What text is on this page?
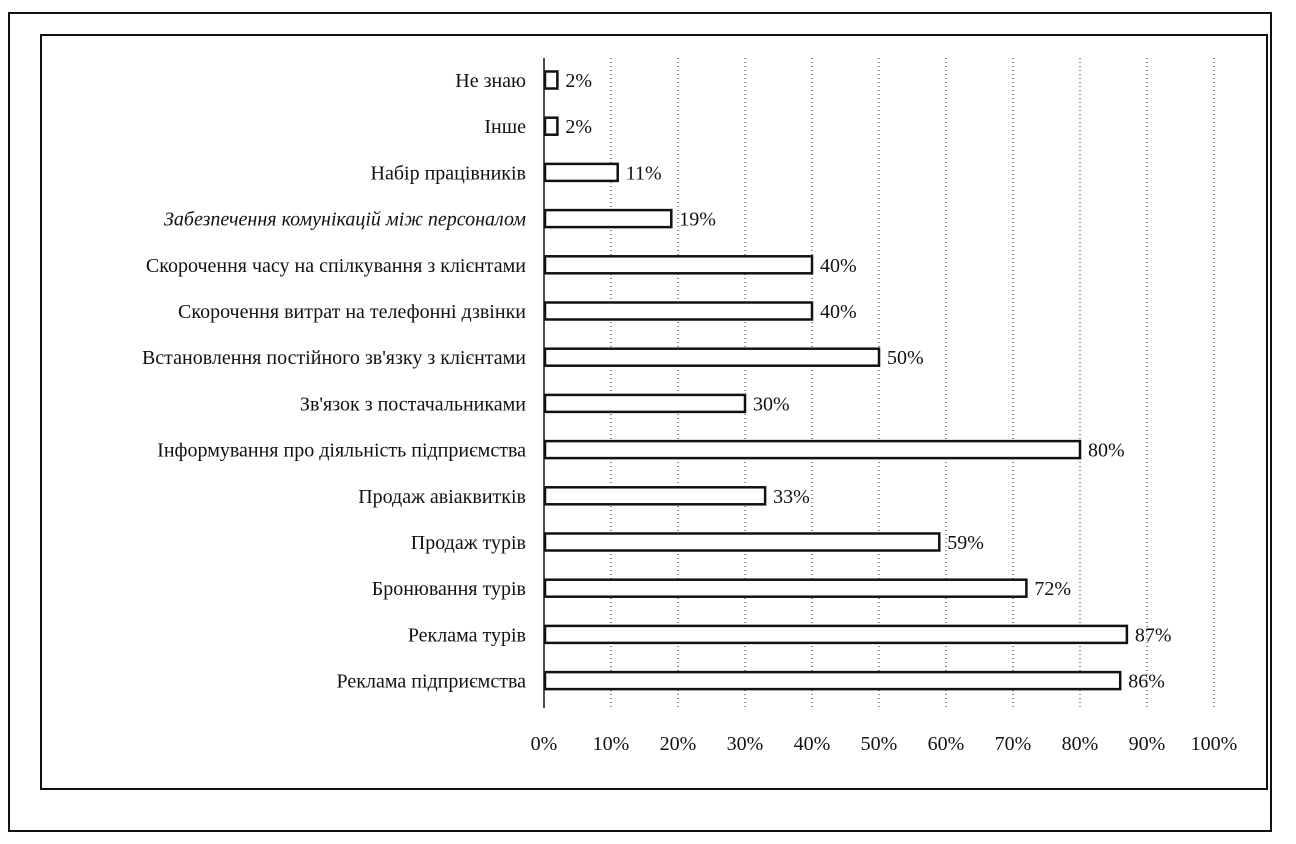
Не знаю
Інше
Набір працівників
Забезпечення комунікацій між персоналом
Скорочення часу на спілкування з клієнтами
Скорочення витрат на телефонні дзвінки
Встановлення постійного зв'язку з клієнтами
Зв'язок з постачальниками
Інформування про діяльність підприємства
Продаж авіаквитків
Продаж турів
Бронювання турів
Реклама турів
Реклама підприємства
2%
2%
11%
19%
40%
40%
50%
30%
80%
33%
59%
72%
87%
86%
0% 10% 20% 30% 40% 50% 60% 70% 80% 90% 100%
